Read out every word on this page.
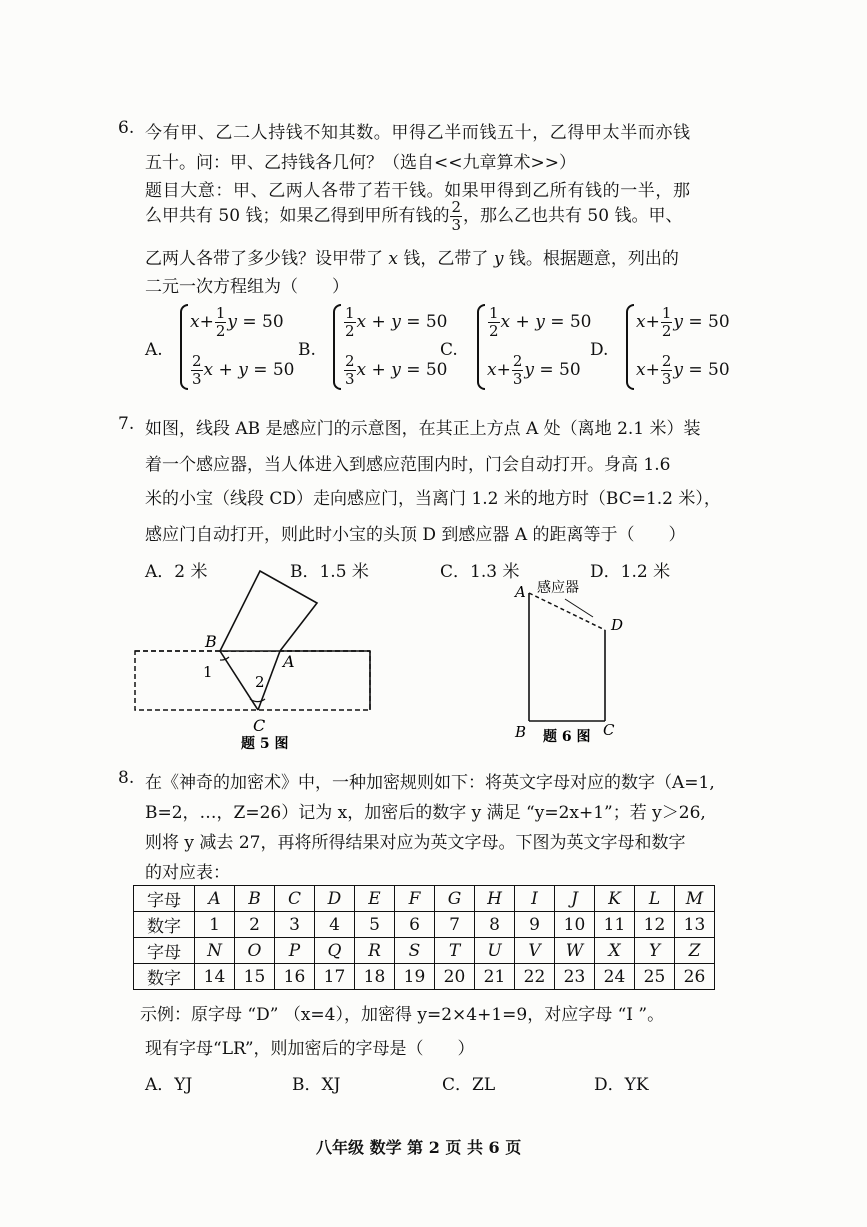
6. 今有甲、乙二人持钱不知其数。甲得乙半而钱五十，乙得甲太半而亦钱
五十。问：甲、乙持钱各几何？（选自<<九章算术>>）
题目大意：甲、乙两人各带了若干钱。如果甲得到乙所有钱的一半，那
么甲共有 50 钱；如果乙得到甲所有钱的 $\frac{2}{3}$ ，那么乙也共有 50 钱。甲、
乙两人各带了多少钱？设甲带了 x 钱，乙带了 y 钱。根据题意，列出的
二元一次方程组为（　　）
A.
$x+ \frac{1}{2}$ y = 50
$\frac{2}{3}$ x + y = 50
B.
$\frac{1}{2}$ x + y = 50
$\frac{2}{3}$ x + y = 50
C.
$\frac{1}{2}$ x + y = 50
$x+ \frac{2}{3}$ y = 50
D.
$x+ \frac{1}{2}$ y = 50
$x+ \frac{2}{3}$ y = 50
7. 如图，线段 AB 是感应门的示意图，在其正上方点 A 处（离地 2.1 米）装
着一个感应器，当人体进入到感应范围内时，门会自动打开。身高 1.6
米的小宝（线段 CD）走向感应门，当离门 1.2 米的地方时（BC=1.2 米），
感应门自动打开，则此时小宝的头顶 D 到感应器 A 的距离等于（　　）
A．2 米	B．1.5 米	C．1.3 米	D．1.2 米
B
A
C
1
2
题 5 图
A 感应器
D
B	C
题 6 图
8. 在《神奇的加密术》中，一种加密规则如下：将英文字母对应的数字（A=1,
B=2，…，Z=26）记为 x，加密后的数字 y 满足 “y=2x+1”；若 y＞26,
则将 y 减去 27，再将所得结果对应为英文字母。下图为英文字母和数字
的对应表：
字母	A	B	C	D	E	F	G	H	I	J	K	L	M
数字	1	2	3	4	5	6	7	8	9	10	11	12	13
字母	N	O	P	Q	R	S	T	U	V	W	X	Y	Z
数字	14	15	16	17	18	19	20	21	22	23	24	25	26
示例：原字母 “D” （x=4），加密得 y=2×4+1=9，对应字母 “I ”。
现有字母“LR”，则加密后的字母是（　　）
A．YJ	B．XJ	C．ZL	D．YK
八年级 数学 第 2 页 共 6 页
